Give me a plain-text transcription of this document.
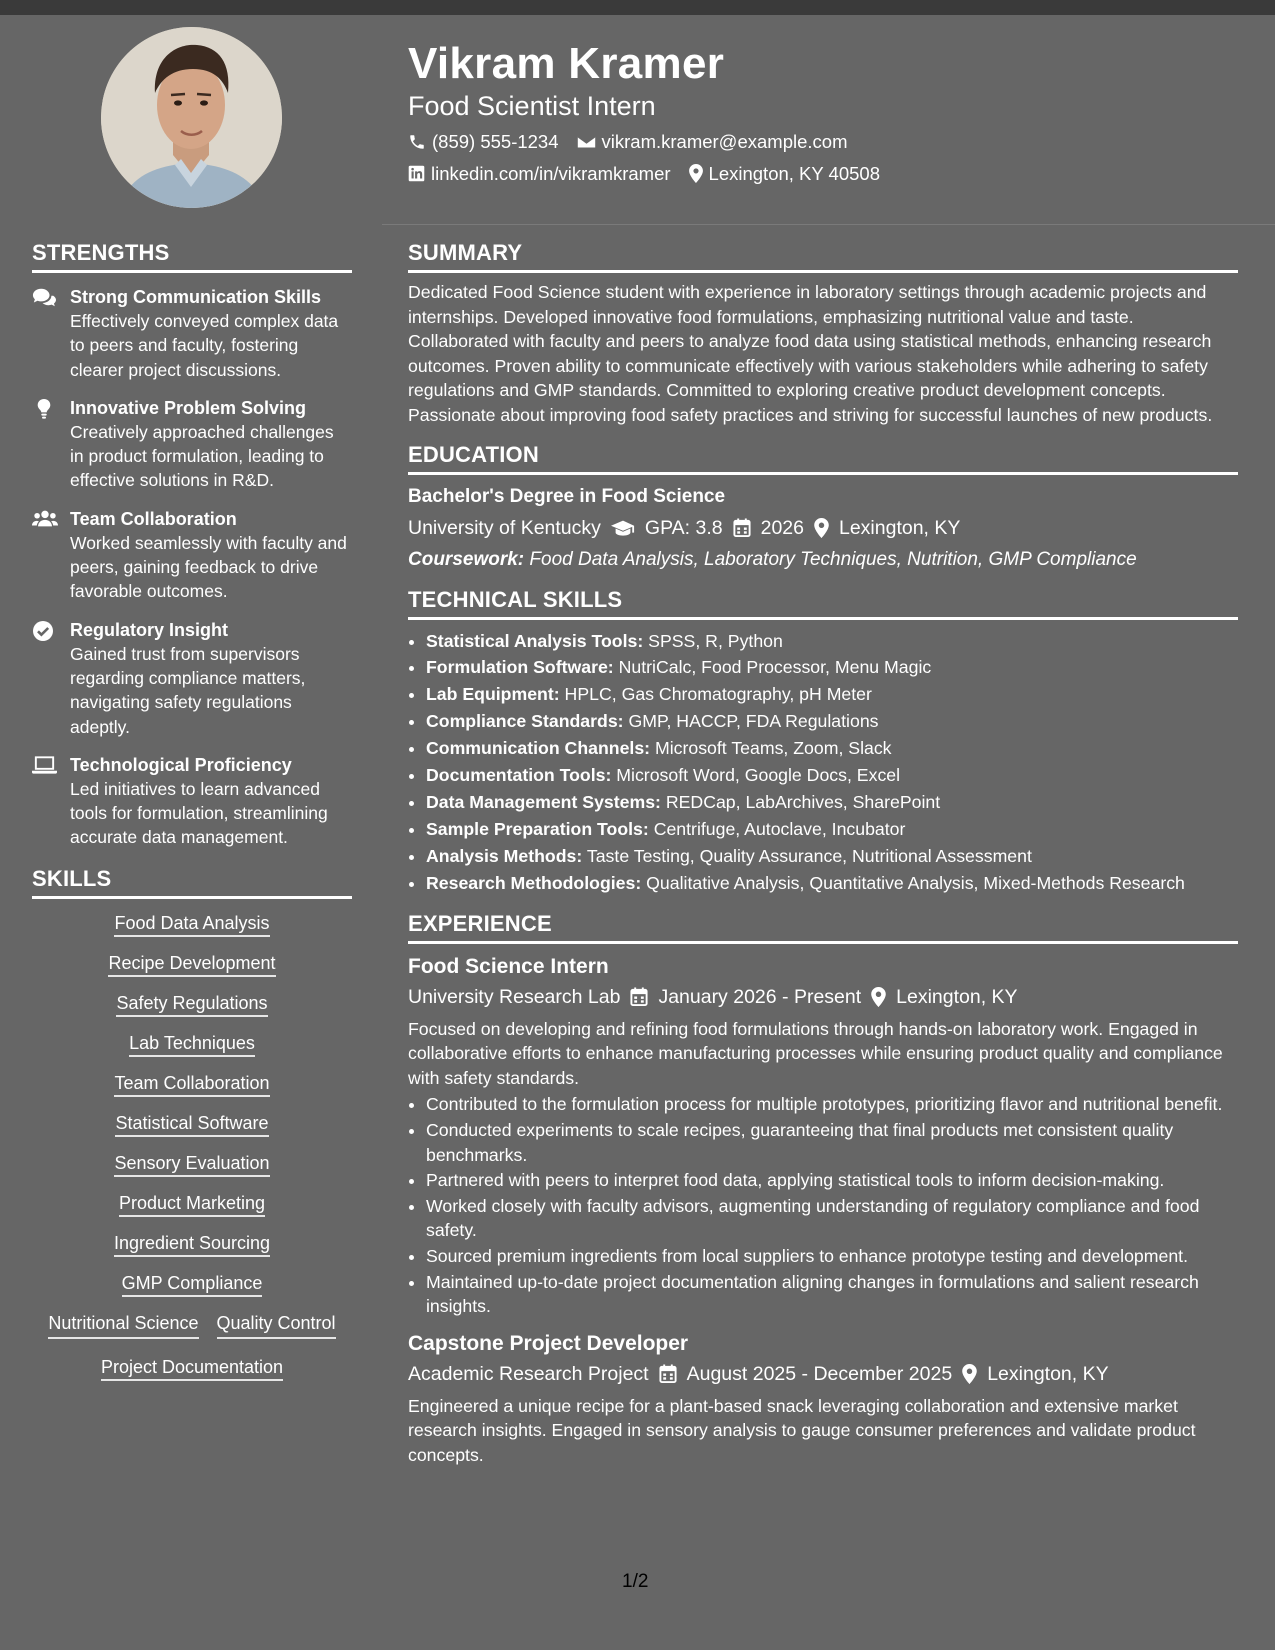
Vikram Kramer
Food Scientist Intern
(859) 555-1234 vikram.kramer@example.com
linkedin.com/in/vikramkramer Lexington, KY 40508
STRENGTHS
Strong Communication Skills
Effectively conveyed complex data to peers and faculty, fostering clearer project discussions.
Innovative Problem Solving
Creatively approached challenges in product formulation, leading to effective solutions in R&D.
Team Collaboration
Worked seamlessly with faculty and peers, gaining feedback to drive favorable outcomes.
Regulatory Insight
Gained trust from supervisors regarding compliance matters, navigating safety regulations adeptly.
Technological Proficiency
Led initiatives to learn advanced tools for formulation, streamlining accurate data management.
SKILLS
Food Data Analysis
Recipe Development
Safety Regulations
Lab Techniques
Team Collaboration
Statistical Software
Sensory Evaluation
Product Marketing
Ingredient Sourcing
GMP Compliance
Nutritional Science Quality Control
Project Documentation
SUMMARY

Dedicated Food Science student with experience in laboratory settings through academic projects and internships. Developed innovative food formulations, emphasizing nutritional value and taste. Collaborated with faculty and peers to analyze food data using statistical methods, enhancing research outcomes. Proven ability to communicate effectively with various stakeholders while adhering to safety regulations and GMP standards. Committed to exploring creative product development concepts. Passionate about improving food safety practices and striving for successful launches of new products.

EDUCATION
Bachelor's Degree in Food Science
University of Kentucky GPA: 3.8 2026 Lexington, KY
Coursework: Food Data Analysis, Laboratory Techniques, Nutrition, GMP Compliance
TECHNICAL SKILLS
• Statistical Analysis Tools: SPSS, R, Python
• Formulation Software: NutriCalc, Food Processor, Menu Magic
• Lab Equipment: HPLC, Gas Chromatography, pH Meter
• Compliance Standards: GMP, HACCP, FDA Regulations
• Communication Channels: Microsoft Teams, Zoom, Slack
• Documentation Tools: Microsoft Word, Google Docs, Excel
• Data Management Systems: REDCap, LabArchives, SharePoint
• Sample Preparation Tools: Centrifuge, Autoclave, Incubator
• Analysis Methods: Taste Testing, Quality Assurance, Nutritional Assessment
• Research Methodologies: Qualitative Analysis, Quantitative Analysis, Mixed-Methods Research
EXPERIENCE
Food Science Intern
University Research Lab January 2026 - Present Lexington, KY

Focused on developing and refining food formulations through hands-on laboratory work. Engaged in collaborative efforts to enhance manufacturing processes while ensuring product quality and compliance with safety standards.

• Contributed to the formulation process for multiple prototypes, prioritizing flavor and nutritional benefit.
• Conducted experiments to scale recipes, guaranteeing that final products met consistent quality benchmarks.
• Partnered with peers to interpret food data, applying statistical tools to inform decision-making.
• Worked closely with faculty advisors, augmenting understanding of regulatory compliance and food safety.
• Sourced premium ingredients from local suppliers to enhance prototype testing and development.
• Maintained up-to-date project documentation aligning changes in formulations and salient research insights.
Capstone Project Developer
Academic Research Project August 2025 - December 2025 Lexington, KY

Engineered a unique recipe for a plant-based snack leveraging collaboration and extensive market research insights. Engaged in sensory analysis to gauge consumer preferences and validate product concepts.

1/2
